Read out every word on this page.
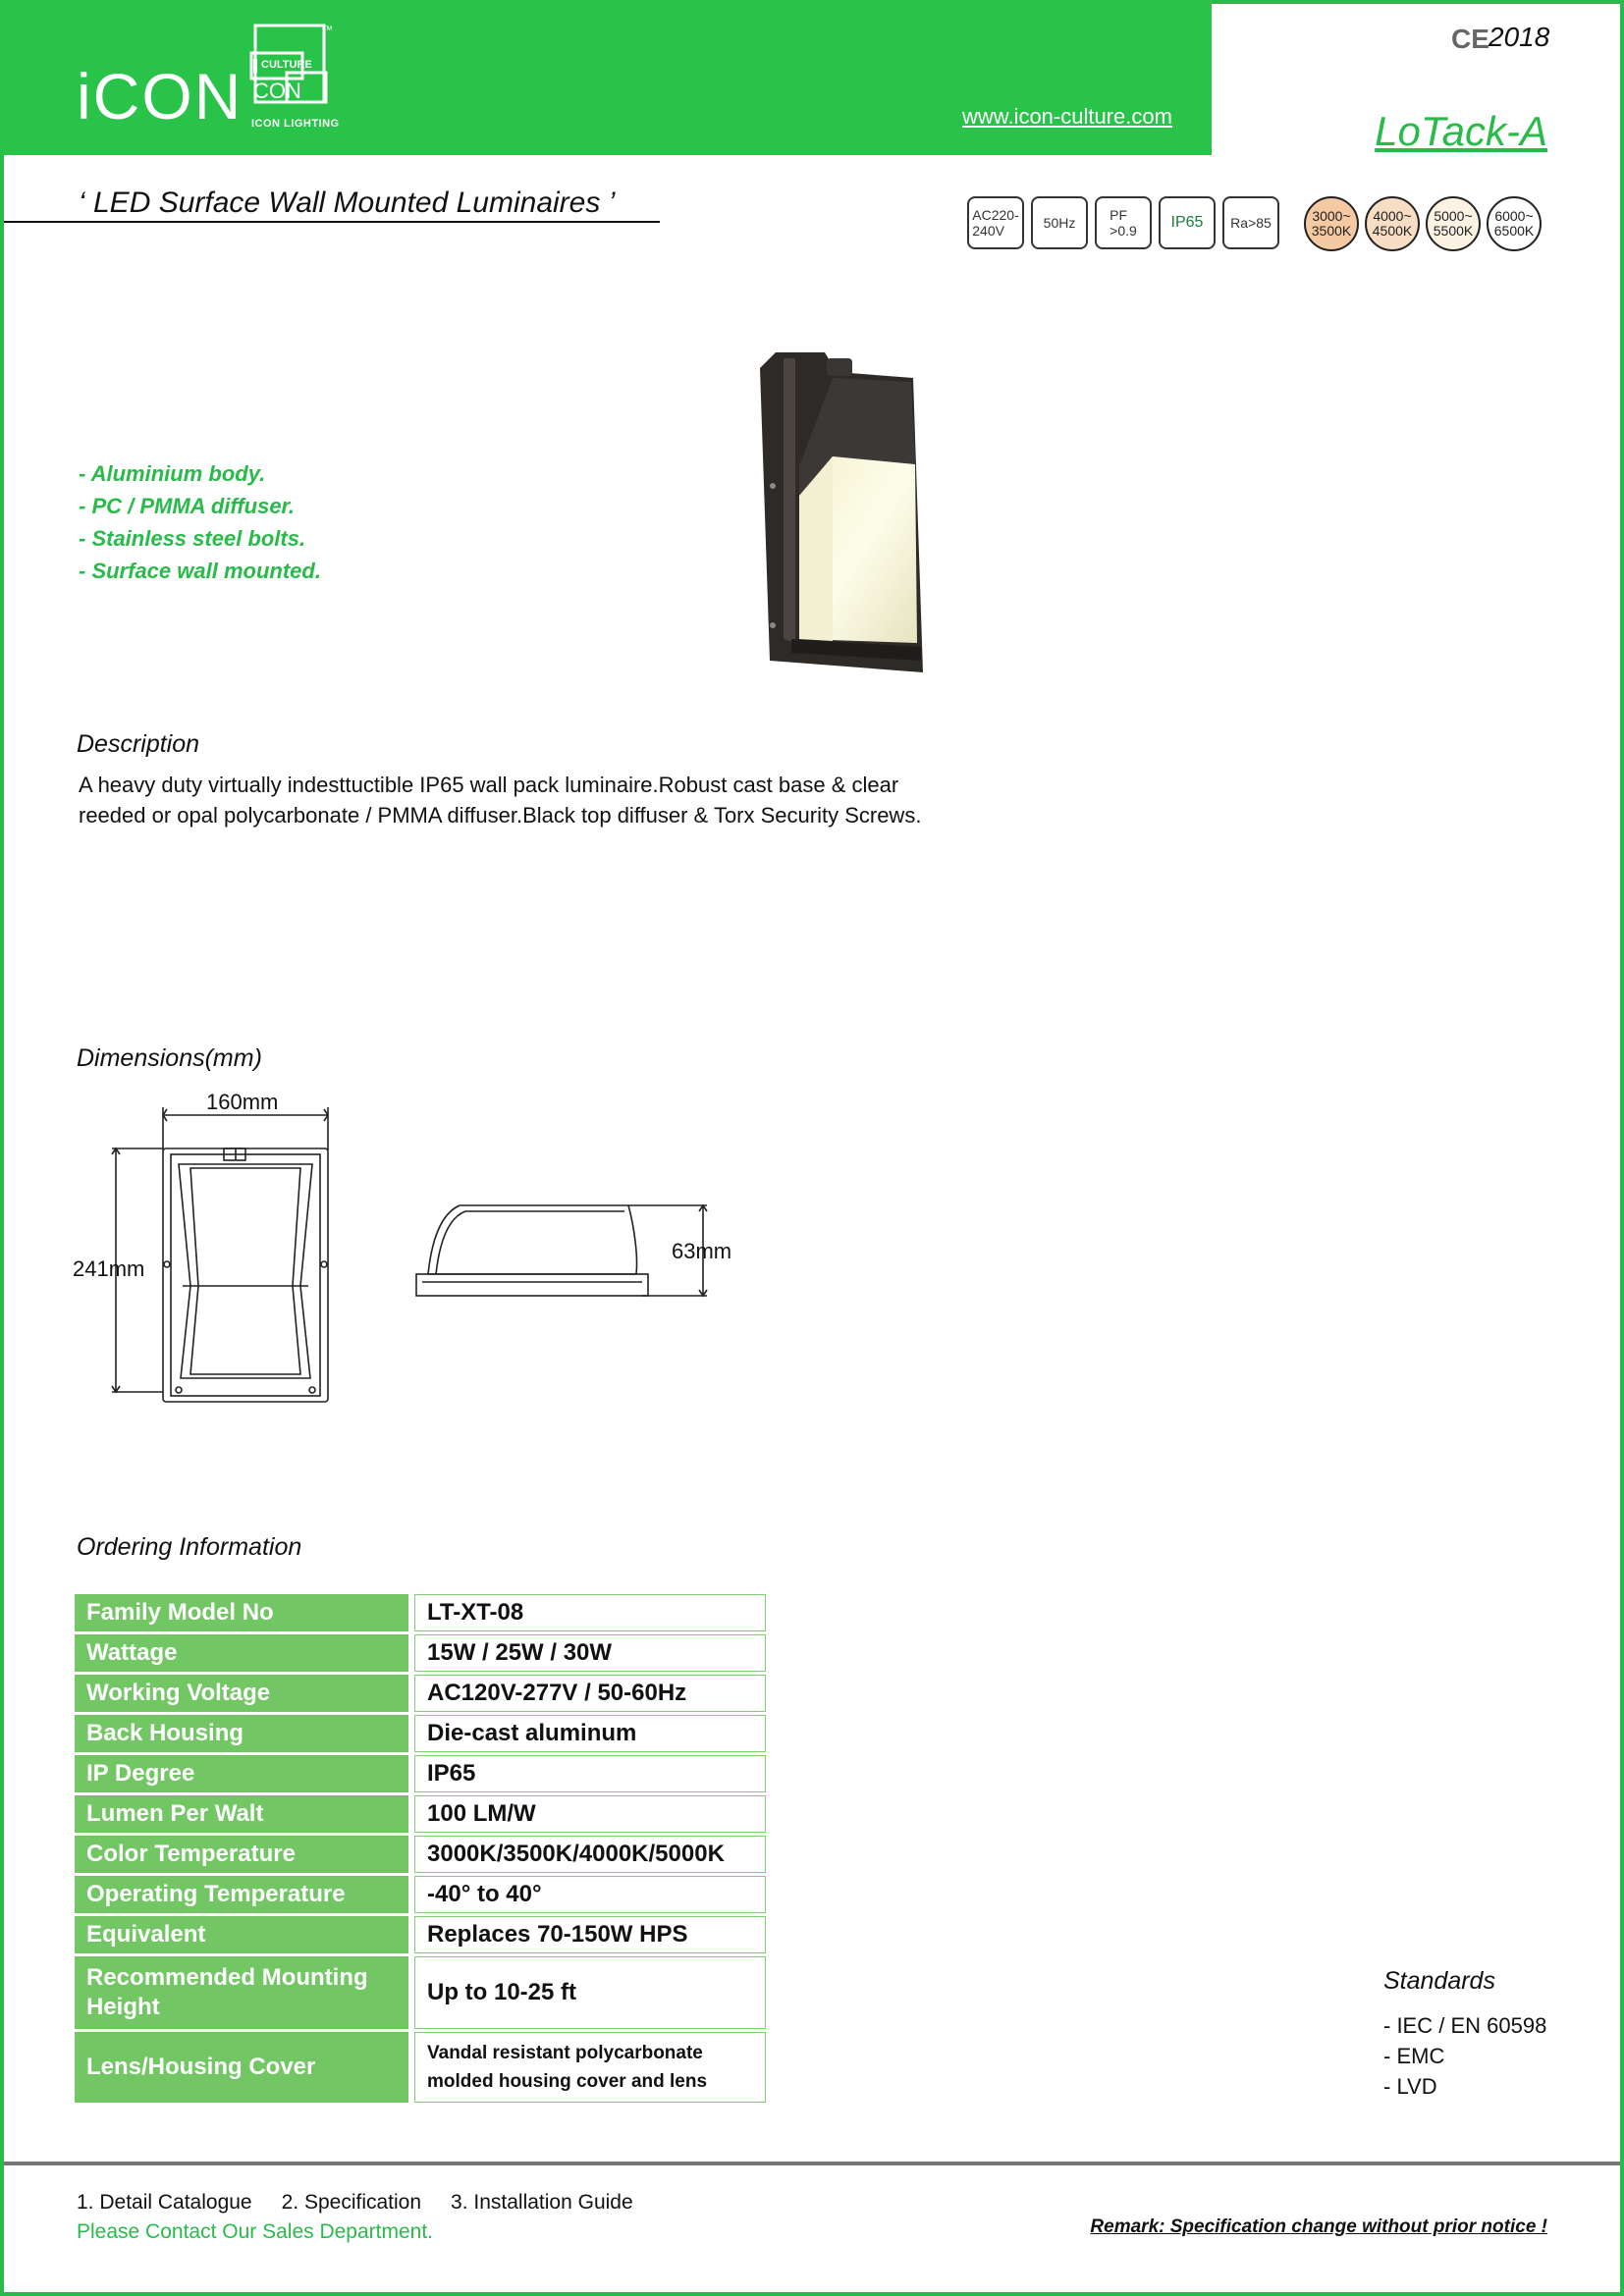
iCON CULTURE
CON
™
ICON LIGHTING	www.icon-culture.com
CE 2018
LoTack-A
‘ LED Surface Wall Mounted Luminaires ’	AC220-
240V	50Hz PF
>0.9 IP65 Ra>85	3000~
3500K
4000~
4500K
5000~
5500K
6000~
6500K

- Aluminium body.

- PC / PMMA diffuser.

- Stainless steel bolts.

- Surface wall mounted.

Description
A heavy duty virtually indesttuctible IP65 wall pack luminaire.Robust cast base & clear reeded or opal polycarbonate / PMMA diffuser.Black top diffuser & Torx Security Screws.
Dimensions(mm)
160mm
241mm
63mm
Ordering Information
Family Model No	LT-XT-08
Wattage	15W / 25W / 30W
Working Voltage	AC120V-277V / 50-60Hz
Back Housing	Die-cast aluminum
IP Degree	IP65
Lumen Per Walt	100 LM/W
Color Temperature	3000K/3500K/4000K/5000K
Operating Temperature	-40° to 40°
Equivalent	Replaces 70-150W HPS
Recommended Mounting Height	Up to 10-25 ft
Lens/Housing Cover	Vandal resistant polycarbonate molded housing cover and lens
Standards
- IEC / EN 60598
- EMC
- LVD
1. Detail Catalogue 2. Specification 3. Installation Guide
Please Contact Our Sales Department.	Remark: Specification change without prior notice !
